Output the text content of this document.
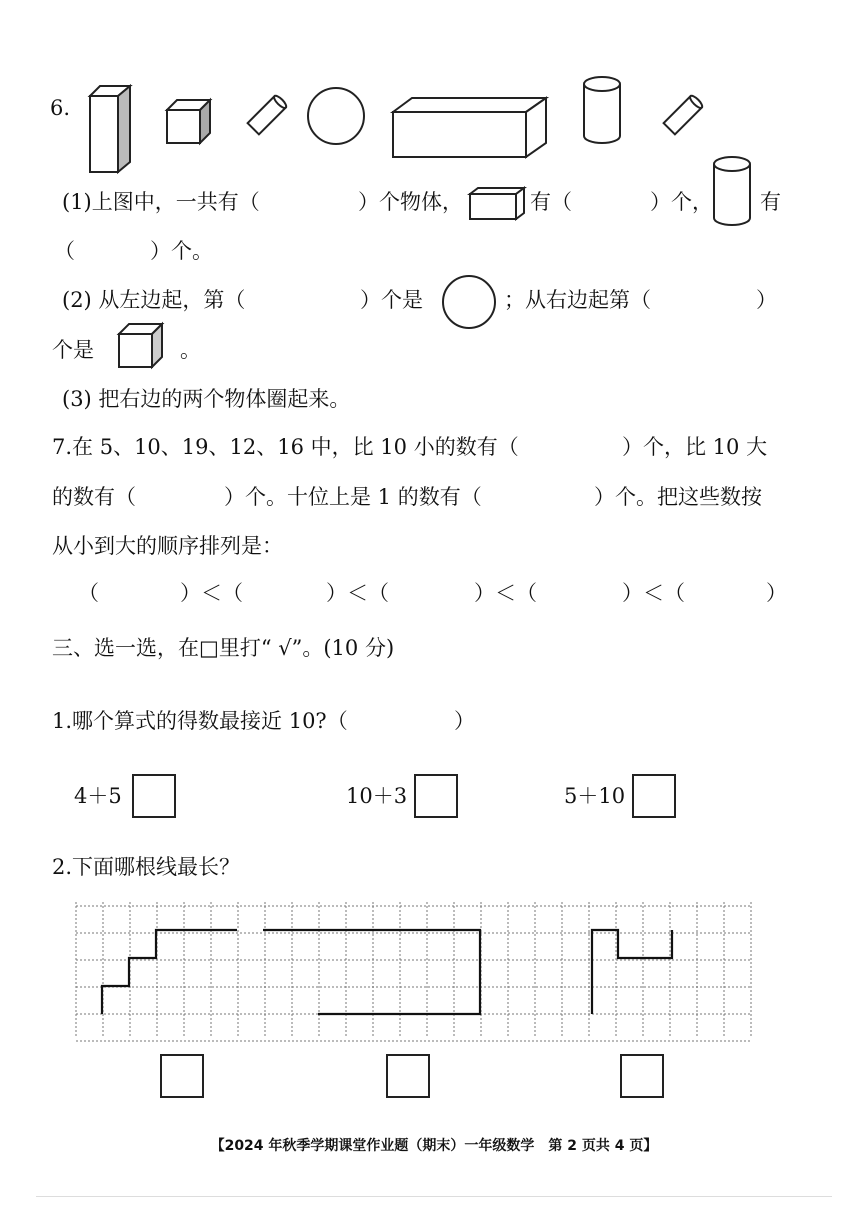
6.
(1)上图中，一共有（	）个物体，	有（	）个， 有
（	）个。
(2) 从左边起，第（	）个是	；从右边起第（	）
个是	。
(3) 把右边的两个物体圈起来。
7.在 5、10、19、12、16 中，比 10 小的数有（	）个，比 10 大
的数有（	）个。十位上是 1 的数有（	）个。把这些数按
从小到大的顺序排列是：
（	）＜（	）＜（	）＜（	）＜（	）
三、选一选，在□里打“ √”。(10 分)
1.哪个算式的得数最接近 10?（	）
4＋5	10＋3	5＋10
2.下面哪根线最长？
【2024 年秋季学期课堂作业题（期末）一年级数学　第 2 页共 4 页】
